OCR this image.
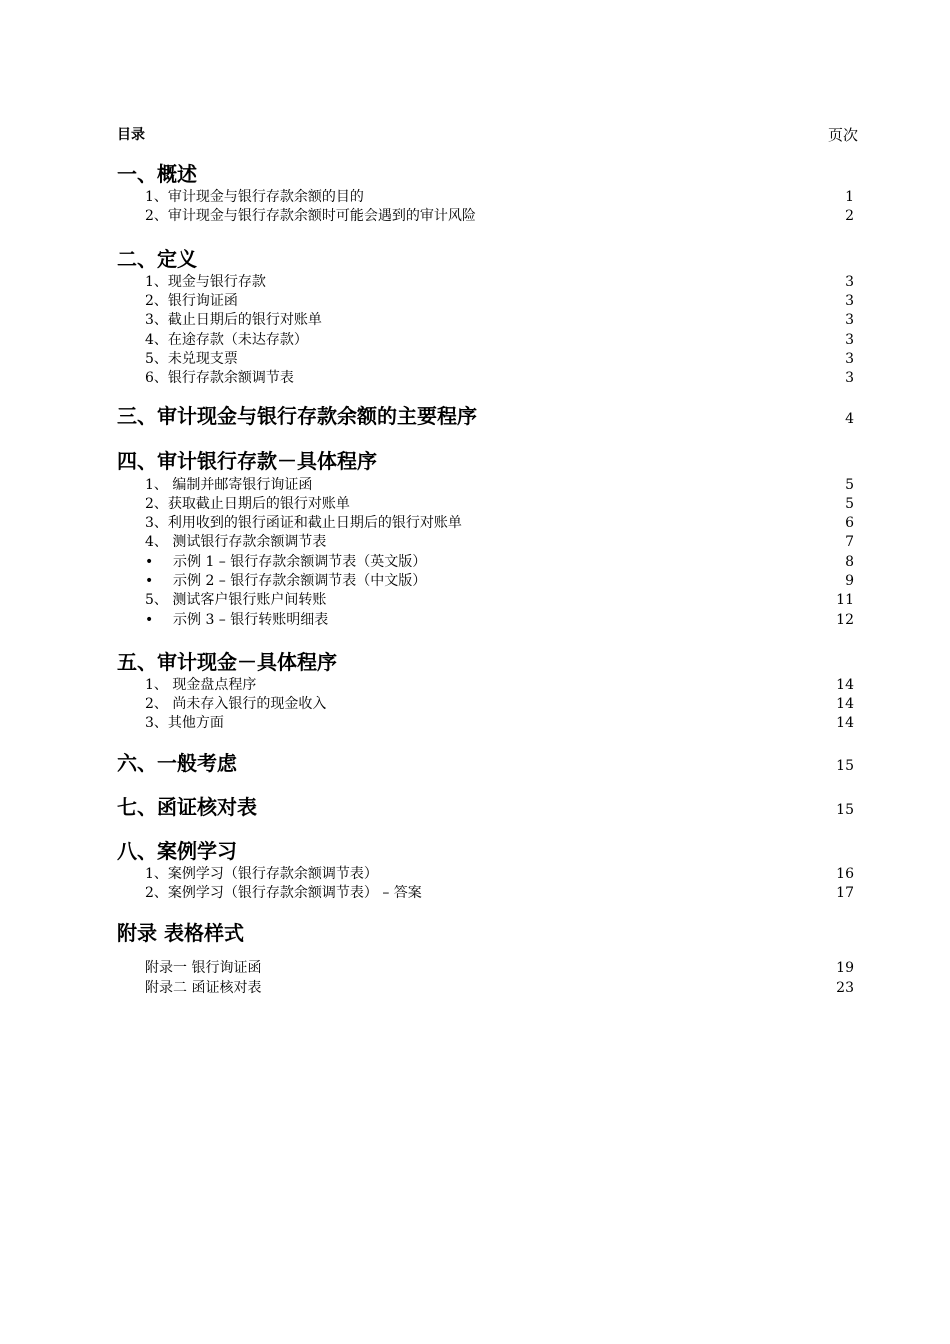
目录	页次
一、概述
1、审计现金与银行存款余额的目的	1
2、审计现金与银行存款余额时可能会遇到的审计风险	2
二、定义
1、现金与银行存款	3
2、银行询证函	3
3、截止日期后的银行对账单	3
4、在途存款（未达存款）	3
5、未兑现支票	3
6、银行存款余额调节表	3
三、审计现金与银行存款余额的主要程序	4
四、审计银行存款－具体程序
1、 编制并邮寄银行询证函	5
2、获取截止日期后的银行对账单	5
3、利用收到的银行函证和截止日期后的银行对账单	6
4、 测试银行存款余额调节表	7
• 示例 1 – 银行存款余额调节表（英文版）	8
• 示例 2 – 银行存款余额调节表（中文版）	9
5、 测试客户银行账户间转账	11
• 示例 3 – 银行转账明细表	12
五、审计现金－具体程序
1、 现金盘点程序	14
2、 尚未存入银行的现金收入	14
3、其他方面	14
六、一般考虑	15
七、函证核对表	15
八、案例学习
1、案例学习（银行存款余额调节表）	16
2、案例学习（银行存款余额调节表） – 答案	17
附录 表格样式
附录一 银行询证函	19
附录二 函证核对表	23
